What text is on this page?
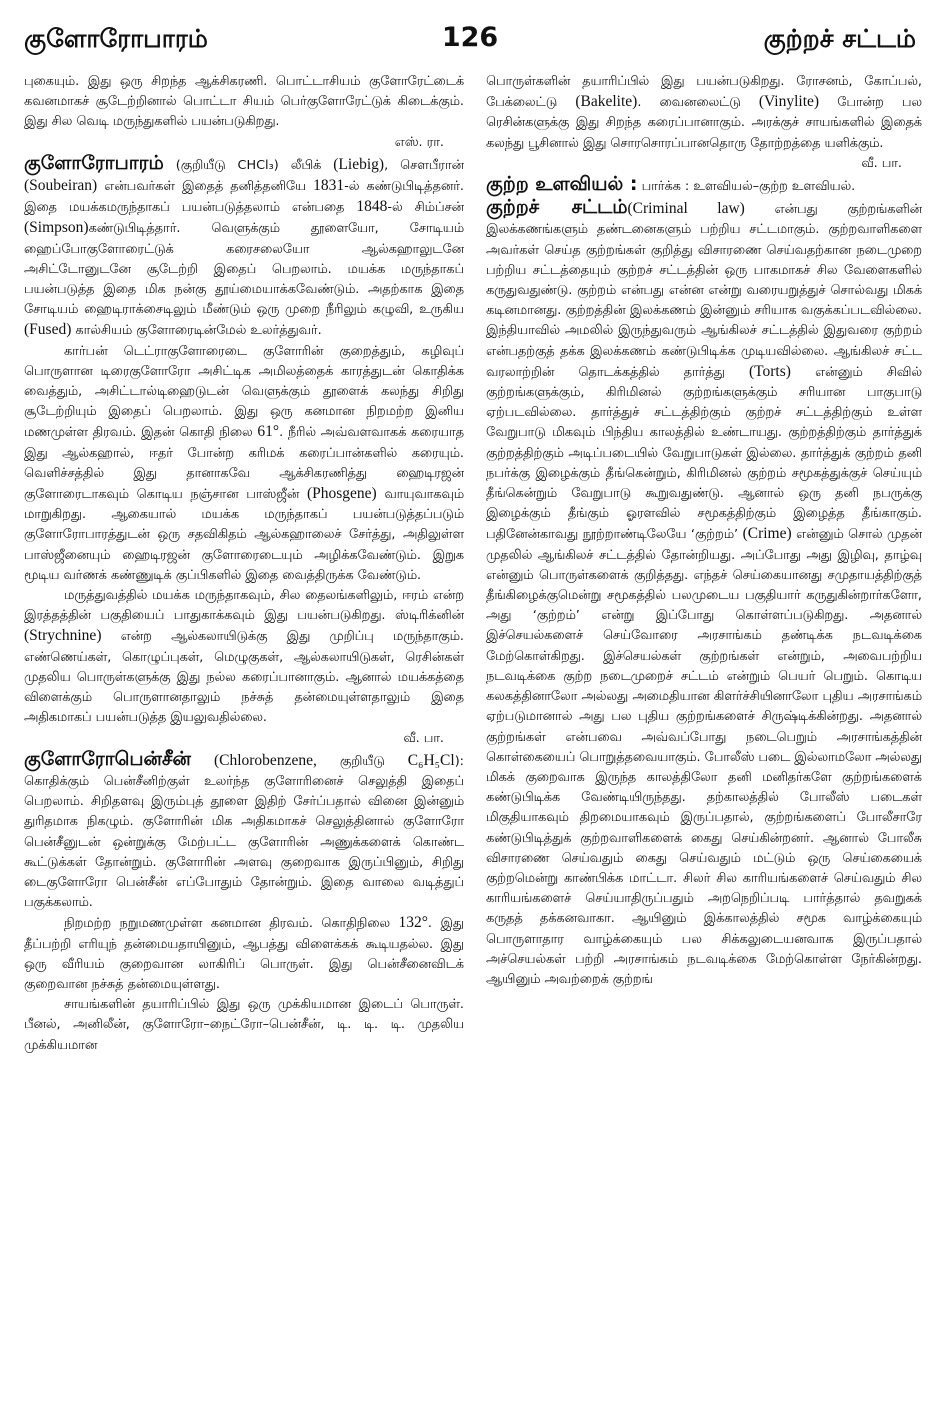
குளோரோபாரம்	126	குற்றச் சட்டம்

புகையும். இது ஒரு சிறந்த ஆக்சிகரணி. பொட்டாசியம் குளோரேட்டைக் கவனமாகச் சூடேற்றினால் பொட்டா சியம் பெர்குளோரேட்டுக் கிடைக்கும். இது சில வெடி மருந்துகளில் பயன்படுகிறது.
எஸ். ரா.

குளோரோபாரம் (குறியீடு CHCl₃) லீபிக் (Liebig), சௌபீரான் (Soubeiran) என்பவர்கள் இதைத் தனித்தனியே 1831-ல் கண்டுபிடித்தனர். இதை மயக்கமருந்தாகப் பயன்படுத்தலாம் என்பதை 1848-ல் சிம்ப்சன் (Simpson)கண்டுபிடித்தார். வெளுக்கும் தூளையோ, சோடியம் ஹைப்போகுளோரைட்டுக் கரைசலையோ ஆல்கஹாலுடனே அசிட்டோனுடனே சூடேற்றி இதைப் பெறலாம். மயக்க மருந்தாகப் பயன்படுத்த இதை மிக நன்கு தூய்மையாக்கவேண்டும். அதற்காக இதை சோடியம் ஹைடிராக்சைடிலும் மீண்டும் ஒரு முறை நீரிலும் கழுவி, உருகிய (Fused) கால்சியம் குளோரைடின்மேல் உலர்த்துவர்.

கார்பன் டெட்ராகுளோரைடை குளோரின் குறைத்தும், கழிவுப் பொருளான டிரைகுளோரோ அசிட்டிக அமிலத்தைக் காரத்துடன் கொதிக்க வைத்தும், அசிட்டால்டிஹைடுடன் வெளுக்கும் தூளைக் கலந்து சிறிது சூடேற்றியும் இதைப் பெறலாம். இது ஒரு கனமான நிறமற்ற இனிய மணமுள்ள திரவம். இதன் கொதி நிலை 61°. நீரில் அவ்வளவாகக் கரையாத இது ஆல்கஹால், ஈதர் போன்ற கரிமக் கரைப்பான்களில் கரையும். வெளிச்சத்தில் இது தானாகவே ஆக்சிகரணித்து ஹைடிரஜன் குளோரைடாகவும் கொடிய நஞ்சான பாஸ்ஜீன் (Phosgene) வாயுவாகவும் மாறுகிறது. ஆகையால் மயக்க மருந்தாகப் பயன்படுத்தப்படும் குளோரோபாரத்துடன் ஒரு சதவிகிதம் ஆல்கஹாலைச் சேர்த்து, அதிலுள்ள பாஸ்ஜீனையும் ஹைடிரஜன் குளோரைடையும் அழிக்கவேண்டும். இறுக மூடிய வர்ணக் கண்ணுடிக் குப்பிகளில் இதை வைத்திருக்க வேண்டும்.

மருத்துவத்தில் மயக்க மருந்தாகவும், சில தைலங்களிலும், ஈரம் என்ற இரத்தத்தின் பகுதியைப் பாதுகாக்கவும் இது பயன்படுகிறது. ஸ்டிரிக்னின் (Strychnine) என்ற ஆல்கலாயிடுக்கு இது முறிப்பு மருந்தாகும். எண்ணெய்கள், கொழுப்புகள், மெழுகுகள், ஆல்கலாயிடுகள், ரெசின்கள் முதலிய பொருள்களுக்கு இது நல்ல கரைப்பானாகும். ஆனால் மயக்கத்தை விளைக்கும் பொருளானதாலும் நச்சுத் தன்மையுள்ளதாலும் இதை அதிகமாகப் பயன்படுத்த இயலுவதில்லை.
வீ. பா.

குளோரோபென்சீன் (Chlorobenzene, குறியீடு C₆H₅Cl): கொதிக்கும் பென்சீனிற்குள் உலர்ந்த குளோரினைச் செலுத்தி இதைப் பெறலாம். சிறிதளவு இரும்புத் தூளை இதிற் சேர்ப்பதால் வினை இன்னும் துரிதமாக நிகழும். குளோரின் மிக அதிகமாகச் செலுத்தினால் குளோரோ பென்சீனுடன் ஒன்றுக்கு மேற்பட்ட குளோரின் அணுக்களைக் கொண்ட கூட்டுக்கள் தோன்றும். குளோரின் அளவு குறைவாக இருப்பினும், சிறிது டைகுளோரோ பென்சீன் எப்போதும் தோன்றும். இதை வாலை வடித்துப் பகுக்கலாம்.

நிறமற்ற நறுமணமுள்ள கனமான திரவம். கொதிநிலை 132°. இது தீப்பற்றி எரியுந் தன்மையதாயினும், ஆபத்து விளைக்கக் கூடியதல்ல. இது ஒரு வீரியம் குறைவான லாகிரிப் பொருள். இது பென்சீனைவிடக் குறைவான நச்சுத் தன்மையுள்ளது.

சாயங்களின் தயாரிப்பில் இது ஒரு முக்கியமான இடைப் பொருள். பீனல், அனிலீன், குளோரோ–நைட்ரோ–பென்சீன், டி. டி. டி. முதலிய முக்கியமான

பொருள்களின் தயாரிப்பில் இது பயன்படுகிறது. ரோசனம், கோப்பல், பேக்லைட்டு (Bakelite). வைனலைட்டு (Vinylite) போன்ற பல ரெசின்களுக்கு இது சிறந்த கரைப்பானாகும். அரக்குச் சாயங்களில் இதைக் கலந்து பூசினால் இது சொரசொரப்பானதொரு தோற்றத்தை யளிக்கும்.
வீ. பா.

குற்ற உளவியல் : பார்க்க : உளவியல்–குற்ற உளவியல்.

குற்றச் சட்டம்(Criminal law) என்பது குற்றங்களின் இலக்கணங்களும் தண்டனைகளும் பற்றிய சட்டமாகும். குற்றவாளிகளை அவர்கள் செய்த குற்றங்கள் குறித்து விசாரணை செய்வதற்கான நடைமுறை பற்றிய சட்டத்தையும் குற்றச் சட்டத்தின் ஒரு பாகமாகச் சில வேளைகளில் கருதுவதுண்டு. குற்றம் என்பது என்ன என்று வரையறுத்துச் சொல்வது மிகக் கடினமானது. குற்றத்தின் இலக்கணம் இன்னும் சரியாக வகுக்கப்படவில்லை. இந்தியாவில் அமலில் இருந்துவரும் ஆங்கிலச் சட்டத்தில் இதுவரை குற்றம் என்பதற்குத் தக்க இலக்கணம் கண்டுபிடிக்க முடியவில்லை. ஆங்கிலச் சட்ட வரலாற்றின் தொடக்கத்தில் தார்த்து (Torts) என்னும் சிவில் குற்றங்களுக்கும், கிரிமினல் குற்றங்களுக்கும் சரியான பாகுபாடு ஏற்படவில்லை. தார்த்துச் சட்டத்திற்கும் குற்றச் சட்டத்திற்கும் உள்ள வேறுபாடு மிகவும் பிந்திய காலத்தில் உண்டாயது. குற்றத்திற்கும் தார்த்துக் குற்றத்திற்கும் அடிப்படையில் வேறுபாடுகள் இல்லை. தார்த்துக் குற்றம் தனி நபர்க்கு இழைக்கும் தீங்கென்றும், கிரிமினல் குற்றம் சமூகத்துக்குச் செய்யும் தீங்கென்றும் வேறுபாடு கூறுவதுண்டு. ஆனால் ஒரு தனி நபருக்கு இழைக்கும் தீங்கும் ஓரளவில் சமூகத்திற்கும் இழைத்த தீங்காகும். பதினேன்காவது நூற்றாண்டிலேயே ‘குற்றம்’ (Crime) என்னும் சொல் முதன் முதலில் ஆங்கிலச் சட்டத்தில் தோன்றியது. அப்போது அது இழிவு, தாழ்வு என்னும் பொருள்களைக் குறித்தது. எந்தச் செய்கையானது சமுதாயத்திற்குத் தீங்கிழைக்குமென்று சமூகத்தில் பலமுடைய பகுதியார் கருதுகின்றார்களோ, அது ‘குற்றம்’ என்று இப்போது கொள்ளப்படுகிறது. அதனால் இச்செயல்களைச் செய்வோரை அரசாங்கம் தண்டிக்க நடவடிக்கை மேற்கொள்கிறது. இச்செயல்கள் குற்றங்கள் என்றும், அவைபற்றிய நடவடிக்கை குற்ற நடைமுறைச் சட்டம் என்றும் பெயர் பெறும். கொடிய கலகத்தினாலோ அல்லது அமைதியான கிளர்ச்சியினாலோ புதிய அரசாங்கம் ஏற்படுமானால் அது பல புதிய குற்றங்களைச் சிருஷ்டிக்கின்றது. அதனால் குற்றங்கள் என்பவை அவ்வப்போது நடைபெறும் அரசாங்கத்தின் கொள்கையைப் பொறுத்தவையாகும். போலீஸ் படை இல்லாமலோ அல்லது மிகக் குறைவாக இருந்த காலத்திலோ தனி மனிதர்களே குற்றங்களைக் கண்டுபிடிக்க வேண்டியிருந்தது. தற்காலத்தில் போலீஸ் படைகள் மிகுதியாகவும் திறமையாகவும் இருப்பதால், குற்றங்களைப் போலீசாரே கண்டுபிடித்துக் குற்றவாளிகளைக் கைது செய்கின்றனர். ஆனால் போலீசு விசாரணை செய்வதும் கைது செய்வதும் மட்டும் ஒரு செய்கையைக் குற்றமென்று காண்பிக்க மாட்டா. சிலர் சில காரியங்களைச் செய்வதும் சில காரியங்களைச் செய்யாதிருப்பதும் அறநெறிப்படி பார்த்தால் தவறுகக் கருதத் தக்கனவாகா. ஆயினும் இக்காலத்தில் சமூக வாழ்க்கையும் பொருளாதார வாழ்க்கையும் பல சிக்கலுடையனவாக இருப்பதால் அச்செயல்கள் பற்றி அரசாங்கம் நடவடிக்கை மேற்கொள்ள நேர்கின்றது. ஆயினும் அவற்றைக் குற்றங்
